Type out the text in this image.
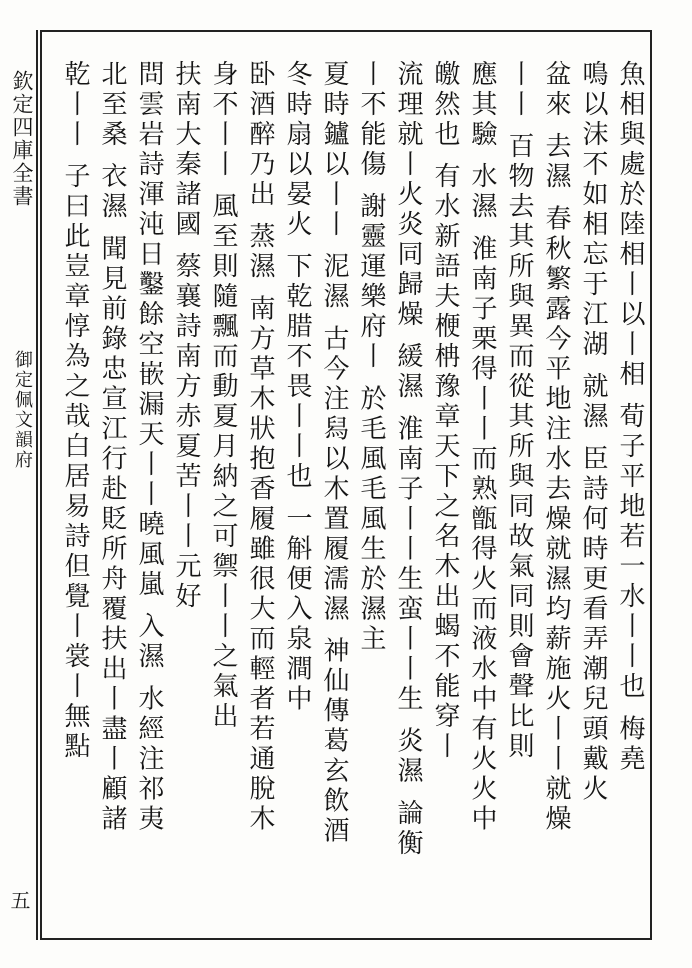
欽定四庫全書
御定佩文韻府
五
魚相與處於陸相丨以丨相 荀子平地若一水丨丨也 梅堯
鳴以沫不如相忘于江湖 就濕 臣詩何時更看弄潮兒頭戴火
盆來 去濕 春秋繁露今平地注水去燥就濕均薪施火丨丨就燥
丨丨 百物去其所與異而從其所與同故氣同則會聲比則
應其驗 水濕 淮南子栗得丨丨而熟甑得火而液水中有火火中
皦然也 有水新語夫楩柟豫章天下之名木出蝎不能穿丨
流理就丨火炎同歸燥 緩濕 淮南子丨丨生蛮丨丨生 炎濕 論衡
丨不能傷 謝靈運樂府丨 於毛風毛風生於濕主
夏時鑪以丨丨 泥濕 古今注舄以木置履濡濕 神仙傳葛玄飲酒
冬時扇以晏火 下乾腊不畏丨丨也 一斛便入泉澗中
卧酒醉乃出 蒸濕 南方草木狀抱香履雖很大而輕者若通脫木
身不丨丨 風至則隨飄而動夏月納之可禦丨丨之氣出
扶南大秦諸國 蔡襄詩南方赤夏苦丨丨元好
問雲岩詩渾沌日鑿餘空嵌漏天丨丨曉風嵐 入濕 水經注祁夷
北至桑 衣濕 聞見前錄忠宣江行赴貶所舟覆扶出丨盡丨顧諸
乾丨丨 子曰此豈章惇為之哉白居易詩但覺丨裳丨無點
